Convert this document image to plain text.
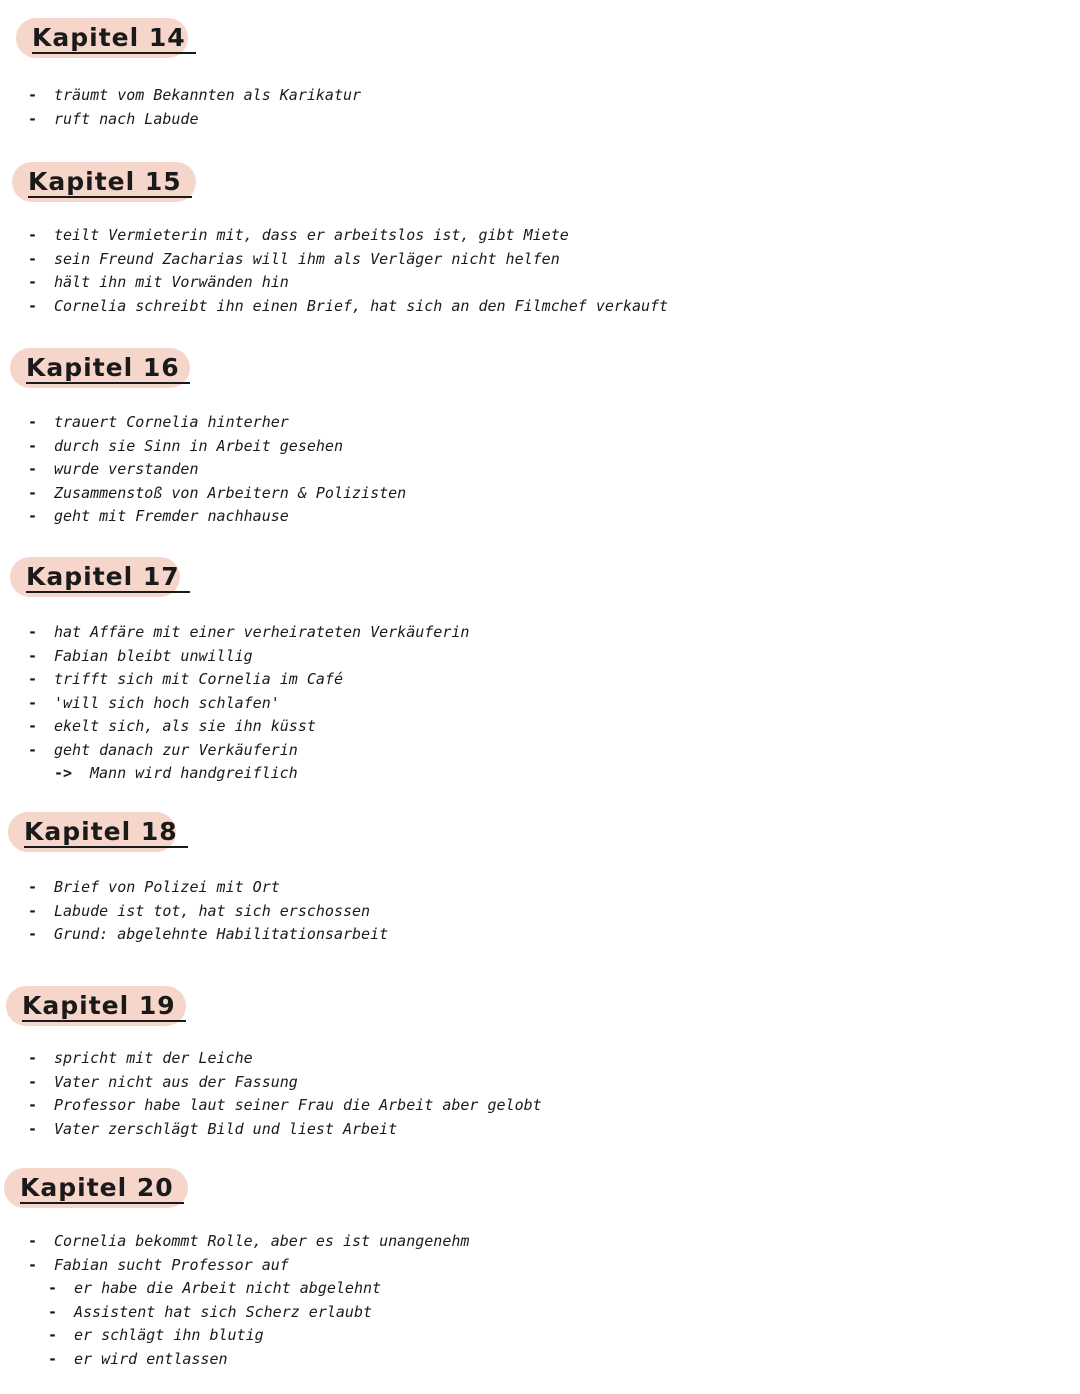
Kapitel 14
- träumt vom Bekannten als Karikatur
- ruft nach Labude
Kapitel 15
- teilt Vermieterin mit, dass er arbeitslos ist, gibt Miete
- sein Freund Zacharias will ihm als Verläger nicht helfen
- hält ihn mit Vorwänden hin
- Cornelia schreibt ihn einen Brief, hat sich an den Filmchef verkauft
Kapitel 16
- trauert Cornelia hinterher
- durch sie Sinn in Arbeit gesehen
- wurde verstanden
- Zusammenstoß von Arbeitern & Polizisten
- geht mit Fremder nachhause
Kapitel 17
- hat Affäre mit einer verheirateten Verkäuferin
- Fabian bleibt unwillig
- trifft sich mit Cornelia im Café
- 'will sich hoch schlafen'
- ekelt sich, als sie ihn küsst
- geht danach zur Verkäuferin
-> Mann wird handgreiflich
Kapitel 18
- Brief von Polizei mit Ort
- Labude ist tot, hat sich erschossen
- Grund: abgelehnte Habilitationsarbeit
Kapitel 19
- spricht mit der Leiche
- Vater nicht aus der Fassung
- Professor habe laut seiner Frau die Arbeit aber gelobt
- Vater zerschlägt Bild und liest Arbeit
Kapitel 20
- Cornelia bekommt Rolle, aber es ist unangenehm
- Fabian sucht Professor auf
- er habe die Arbeit nicht abgelehnt
- Assistent hat sich Scherz erlaubt
- er schlägt ihn blutig
- er wird entlassen
